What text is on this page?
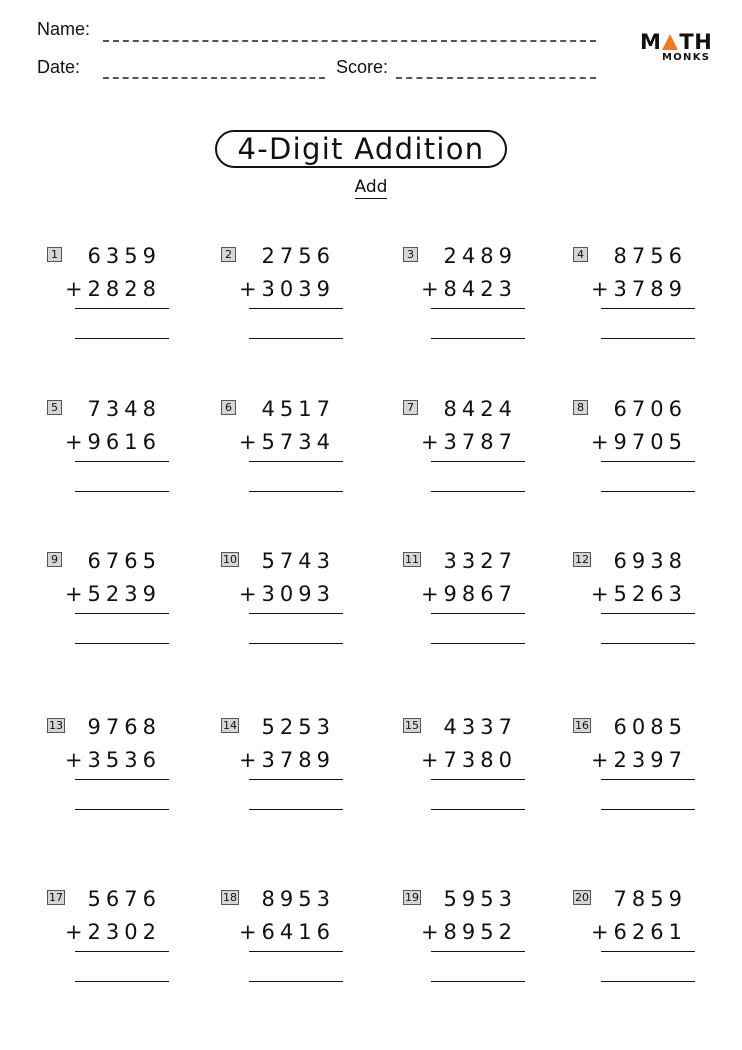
Name:
Date:	Score:
M TH
MONKS
4-Digit Addition
Add
1 6359
+2828
2 2756
+3039
3 2489
+8423
4 8756
+3789
5 7348
+9616
6 4517
+5734
7 8424
+3787
8 6706
+9705
9 6765
+5239
10 5743
+3093
11 3327
+9867
12 6938
+5263
13 9768
+3536
14 5253
+3789
15 4337
+7380
16 6085
+2397
17 5676
+2302
18 8953
+6416
19 5953
+8952
20 7859
+6261
